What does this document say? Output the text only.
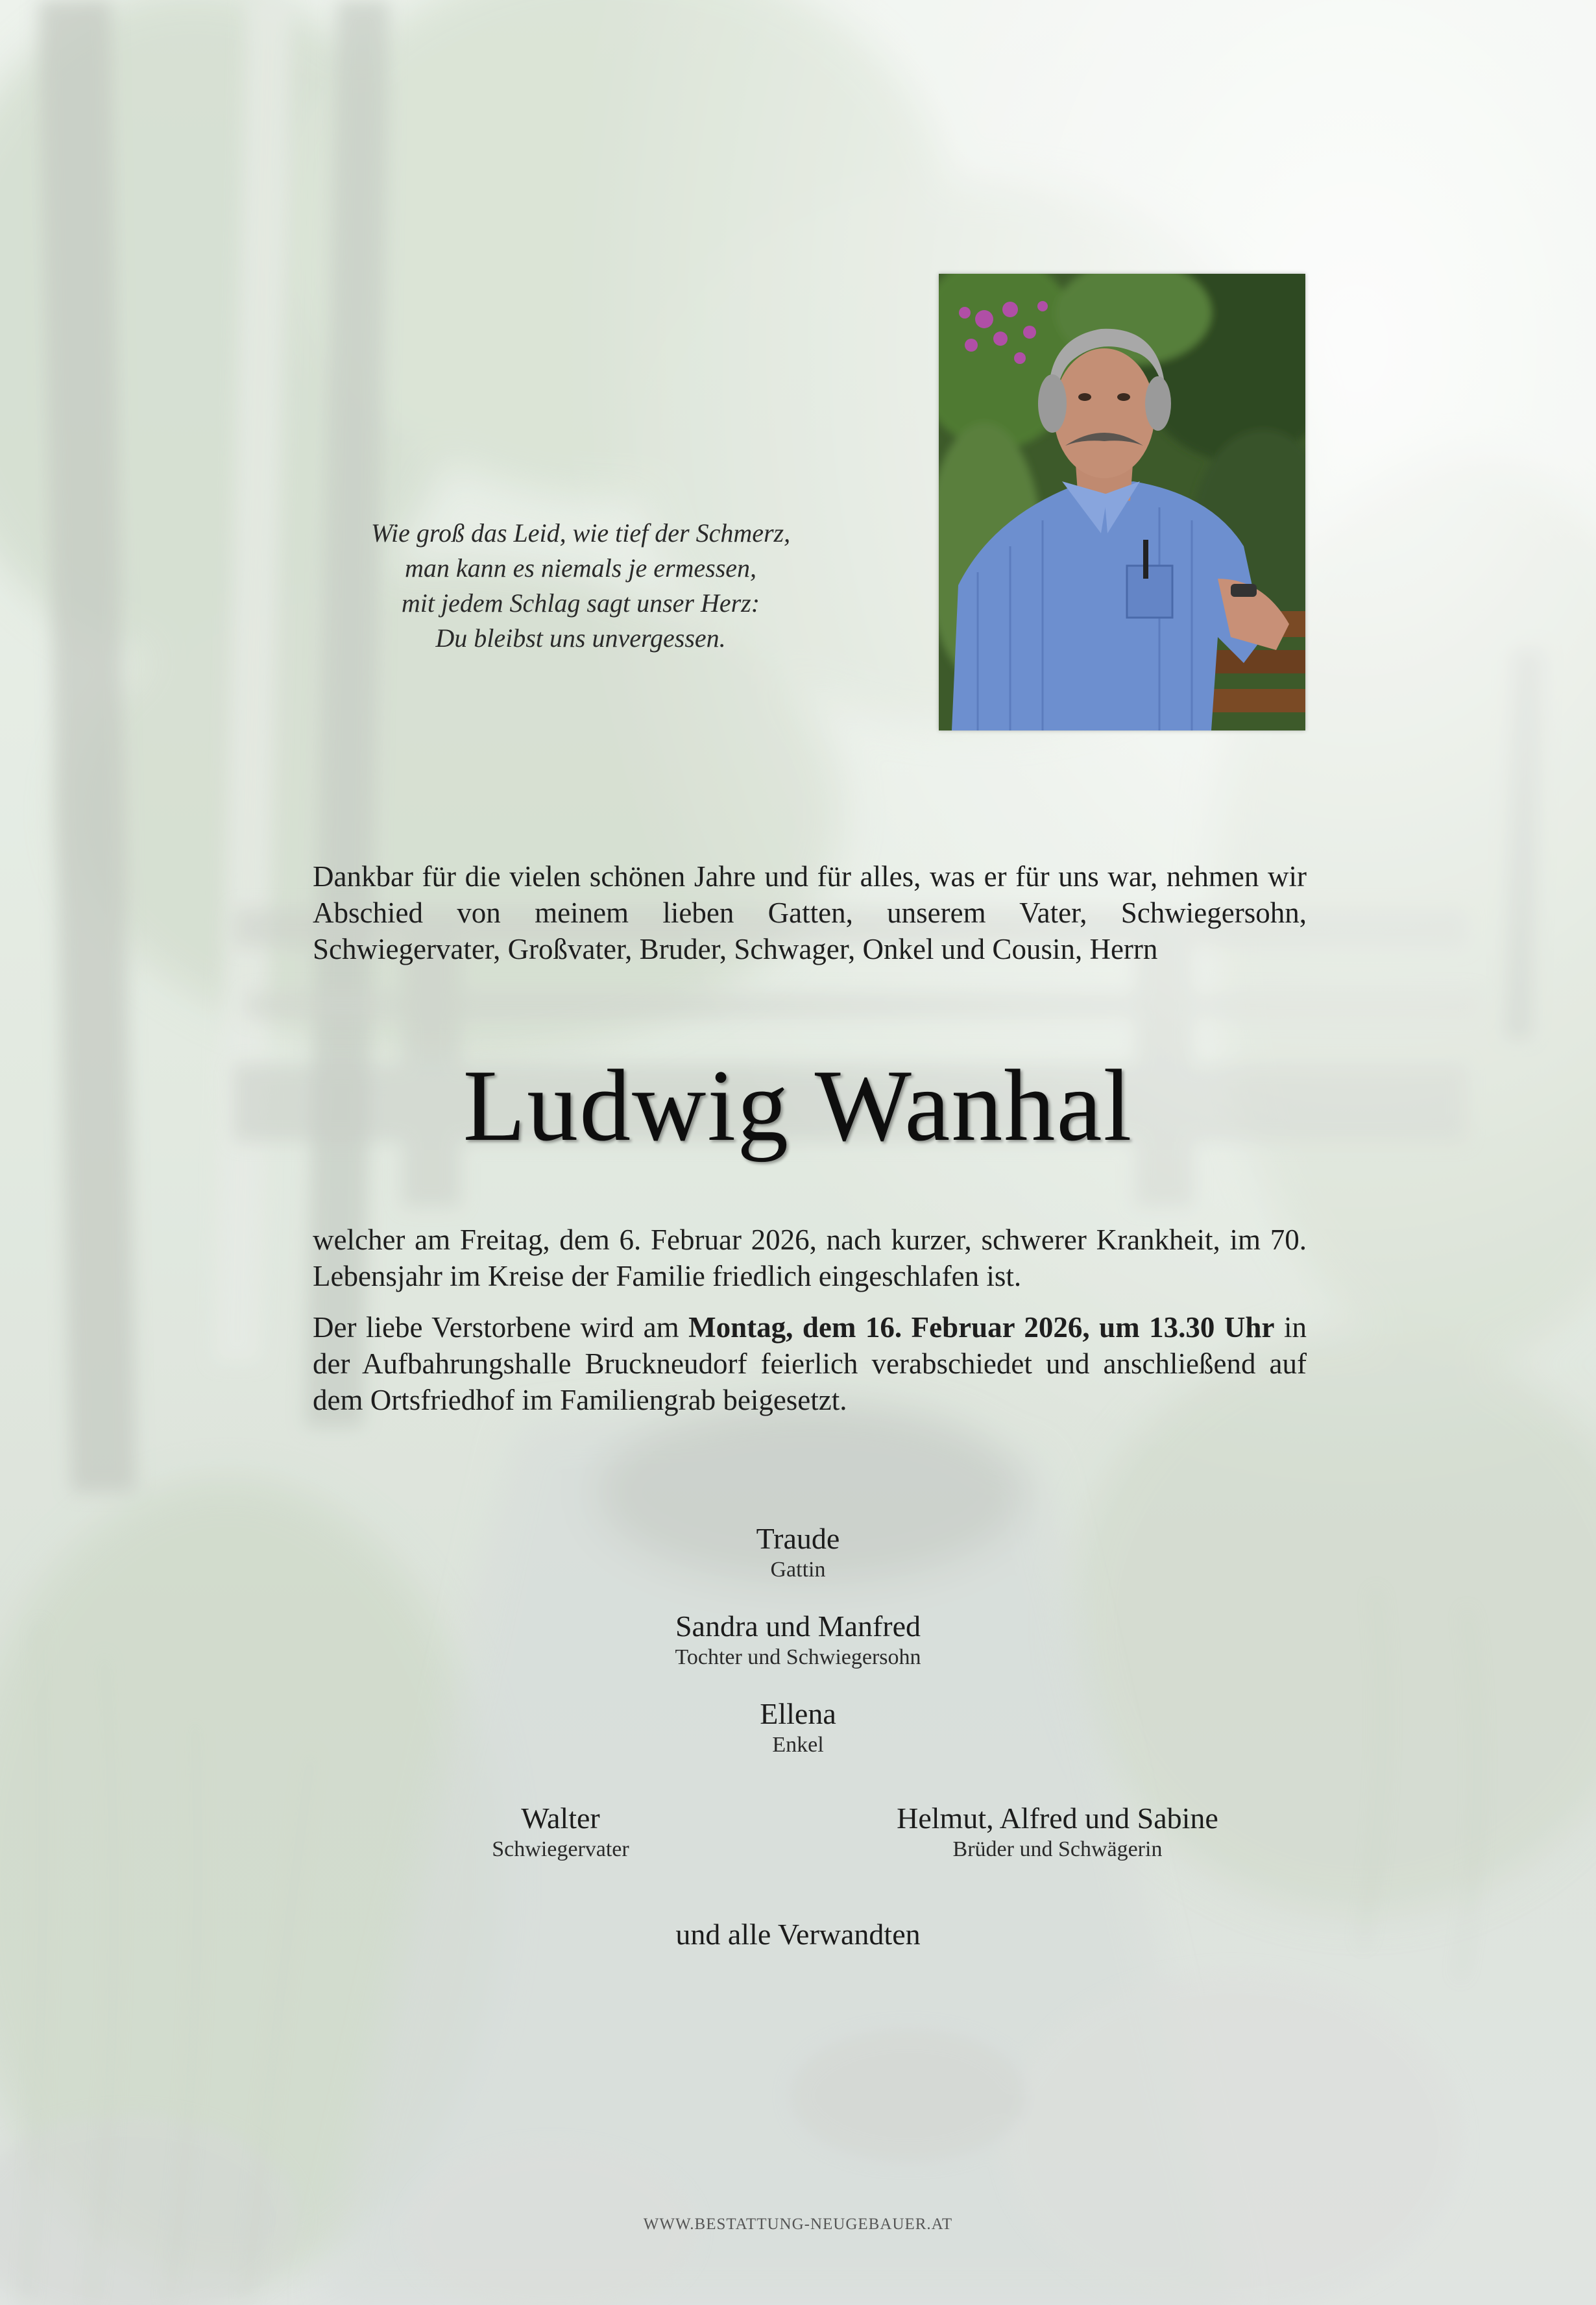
Wie groß das Leid, wie tief der Schmerz,
man kann es niemals je ermessen,
mit jedem Schlag sagt unser Herz:
Du bleibst uns unvergessen.
Dankbar für die vielen schönen Jahre und für alles, was er für uns war, nehmen wir Abschied von meinem lieben Gatten, unserem Vater, Schwiegersohn, Schwiegervater, Großvater, Bruder, Schwager, Onkel und Cousin, Herrn
Ludwig Wanhal
welcher am Freitag, dem 6. Februar 2026, nach kurzer, schwerer Krankheit, im 70. Lebensjahr im Kreise der Familie friedlich eingeschlafen ist.
Der liebe Verstorbene wird am Montag, dem 16. Februar 2026, um 13.30 Uhr in der Aufbahrungshalle Bruckneudorf feierlich verabschiedet und anschließend auf dem Ortsfriedhof im Familiengrab beigesetzt.
Traude
Gattin
Sandra und Manfred
Tochter und Schwiegersohn
Ellena
Enkel
Walter
Schwiegervater
Helmut, Alfred und Sabine
Brüder und Schwägerin
und alle Verwandten
WWW.BESTATTUNG-NEUGEBAUER.AT
